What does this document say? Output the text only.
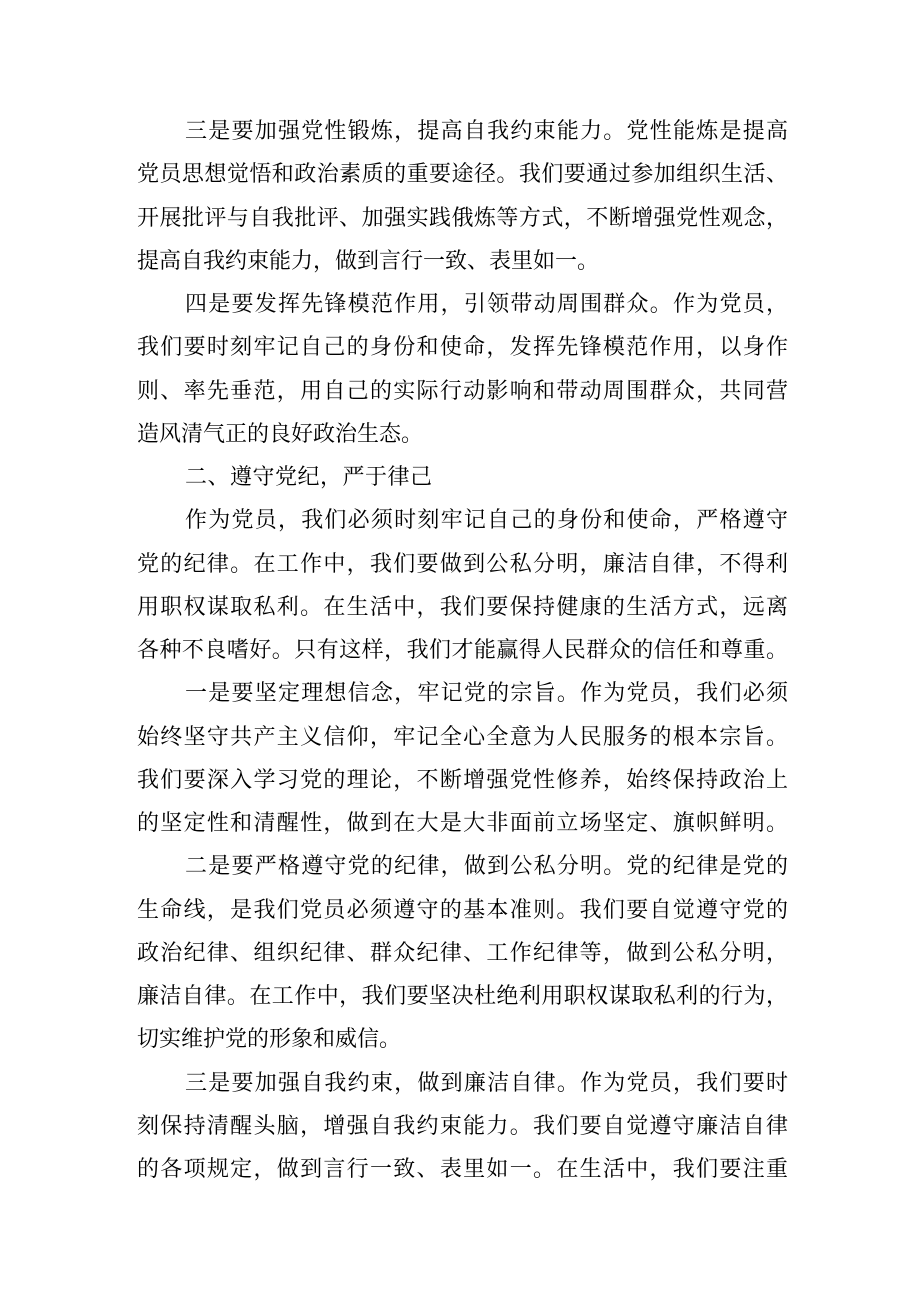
三是要加强党性锻炼，提高自我约束能力。党性能炼是提高
党员思想觉悟和政治素质的重要途径。我们要通过参加组织生活、
开展批评与自我批评、加强实践俄炼等方式，不断增强党性观念，
提高自我约束能力，做到言行一致、表里如一。
四是要发挥先锋模范作用，引领带动周围群众。作为党员，
我们要时刻牢记自己的身份和使命，发挥先锋模范作用，以身作
则、率先垂范，用自己的实际行动影响和带动周围群众，共同营
造风清气正的良好政治生态。
二、遵守党纪，严于律己
作为党员，我们必须时刻牢记自己的身份和使命，严格遵守
党的纪律。在工作中，我们要做到公私分明，廉洁自律，不得利
用职权谋取私利。在生活中，我们要保持健康的生活方式，远离
各种不良嗜好。只有这样，我们才能赢得人民群众的信任和尊重。
一是要坚定理想信念，牢记党的宗旨。作为党员，我们必须
始终坚守共产主义信仰，牢记全心全意为人民服务的根本宗旨。
我们要深入学习党的理论，不断增强党性修养，始终保持政治上
的坚定性和清醒性，做到在大是大非面前立场坚定、旗帜鲜明。
二是要严格遵守党的纪律，做到公私分明。党的纪律是党的
生命线，是我们党员必须遵守的基本准则。我们要自觉遵守党的
政治纪律、组织纪律、群众纪律、工作纪律等，做到公私分明，
廉洁自律。在工作中，我们要坚决杜绝利用职权谋取私利的行为，
切实维护党的形象和威信。
三是要加强自我约束，做到廉洁自律。作为党员，我们要时
刻保持清醒头脑，增强自我约束能力。我们要自觉遵守廉洁自律
的各项规定，做到言行一致、表里如一。在生活中，我们要注重
